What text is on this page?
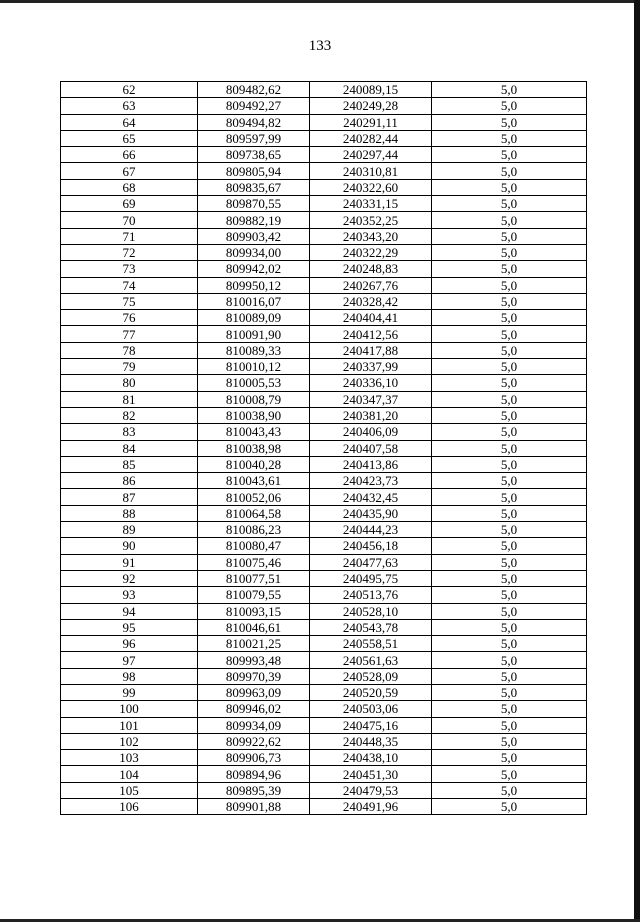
133
62	809482,62	240089,15	5,0
63	809492,27	240249,28	5,0
64	809494,82	240291,11	5,0
65	809597,99	240282,44	5,0
66	809738,65	240297,44	5,0
67	809805,94	240310,81	5,0
68	809835,67	240322,60	5,0
69	809870,55	240331,15	5,0
70	809882,19	240352,25	5,0
71	809903,42	240343,20	5,0
72	809934,00	240322,29	5,0
73	809942,02	240248,83	5,0
74	809950,12	240267,76	5,0
75	810016,07	240328,42	5,0
76	810089,09	240404,41	5,0
77	810091,90	240412,56	5,0
78	810089,33	240417,88	5,0
79	810010,12	240337,99	5,0
80	810005,53	240336,10	5,0
81	810008,79	240347,37	5,0
82	810038,90	240381,20	5,0
83	810043,43	240406,09	5,0
84	810038,98	240407,58	5,0
85	810040,28	240413,86	5,0
86	810043,61	240423,73	5,0
87	810052,06	240432,45	5,0
88	810064,58	240435,90	5,0
89	810086,23	240444,23	5,0
90	810080,47	240456,18	5,0
91	810075,46	240477,63	5,0
92	810077,51	240495,75	5,0
93	810079,55	240513,76	5,0
94	810093,15	240528,10	5,0
95	810046,61	240543,78	5,0
96	810021,25	240558,51	5,0
97	809993,48	240561,63	5,0
98	809970,39	240528,09	5,0
99	809963,09	240520,59	5,0
100	809946,02	240503,06	5,0
101	809934,09	240475,16	5,0
102	809922,62	240448,35	5,0
103	809906,73	240438,10	5,0
104	809894,96	240451,30	5,0
105	809895,39	240479,53	5,0
106	809901,88	240491,96	5,0
